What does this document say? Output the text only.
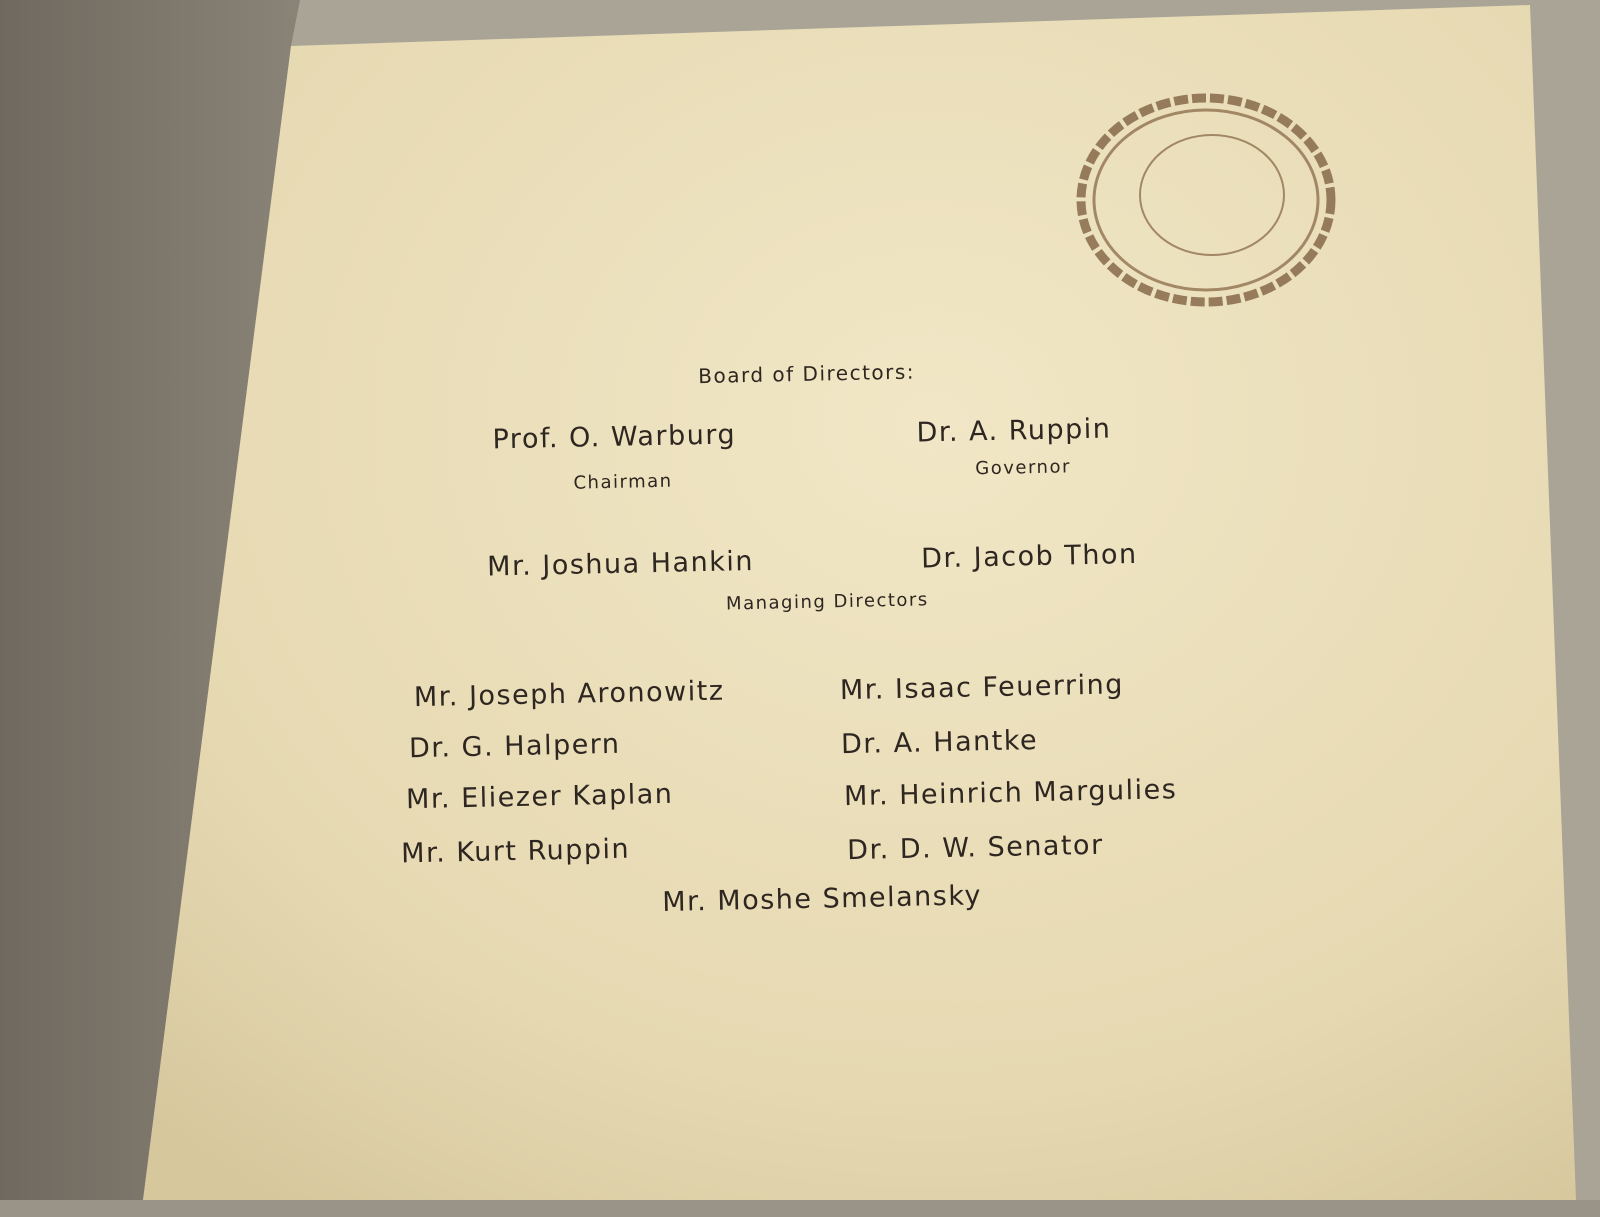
Board of Directors:
Prof. O. Warburg
Chairman
Dr. A. Ruppin
Governor
Mr. Joshua Hankin	Dr. Jacob Thon
Managing Directors
Mr. Joseph Aronowitz
Dr. G. Halpern
Mr. Eliezer Kaplan
Mr. Kurt Ruppin
Mr. Isaac Feuerring
Dr. A. Hantke
Mr. Heinrich Margulies
Dr. D. W. Senator
Mr. Moshe Smelansky
